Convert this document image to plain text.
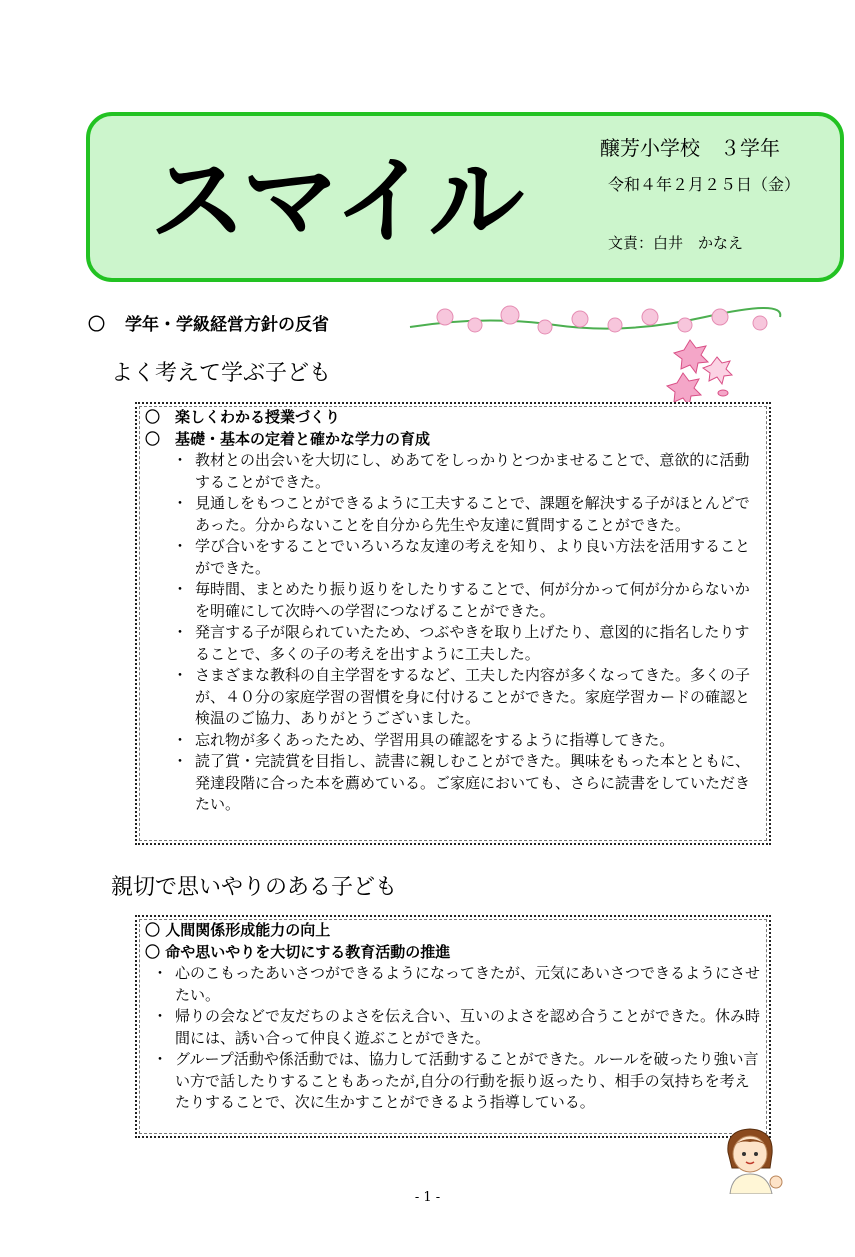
スマイル	醸芳小学校　３学年
令和４年２月２５日（金）
文責：白井　かなえ
〇 学年・学級経営方針の反省
よく考えて学ぶ子ども
〇　楽しくわかる授業づくり
〇　基礎・基本の定着と確かな学力の育成
・ 教材との出会いを大切にし、めあてをしっかりとつかませることで、意欲的に活動することができた。
・ 見通しをもつことができるように工夫することで、課題を解決する子がほとんどであった。分からないことを自分から先生や友達に質問することができた。
・ 学び合いをすることでいろいろな友達の考えを知り、より良い方法を活用することができた。
・ 毎時間、まとめたり振り返りをしたりすることで、何が分かって何が分からないかを明確にして次時への学習につなげることができた。
・ 発言する子が限られていたため、つぶやきを取り上げたり、意図的に指名したりすることで、多くの子の考えを出すように工夫した。
・ さまざまな教科の自主学習をするなど、工夫した内容が多くなってきた。多くの子が、４０分の家庭学習の習慣を身に付けることができた。家庭学習カードの確認と検温のご協力、ありがとうございました。
・ 忘れ物が多くあったため、学習用具の確認をするように指導してきた。
・ 読了賞・完読賞を目指し、読書に親しむことができた。興味をもった本とともに、発達段階に合った本を薦めている。ご家庭においても、さらに読書をしていただきたい。
親切で思いやりのある子ども
〇 人間関係形成能力の向上
〇 命や思いやりを大切にする教育活動の推進
・ 心のこもったあいさつができるようになってきたが、元気にあいさつできるようにさせたい。
・ 帰りの会などで友だちのよさを伝え合い、互いのよさを認め合うことができた。休み時間には、誘い合って仲良く遊ぶことができた。
・ グループ活動や係活動では、協力して活動することができた。ルールを破ったり強い言い方で話したりすることもあったが,自分の行動を振り返ったり、相手の気持ちを考えたりすることで、次に生かすことができるよう指導している。
- 1 -
